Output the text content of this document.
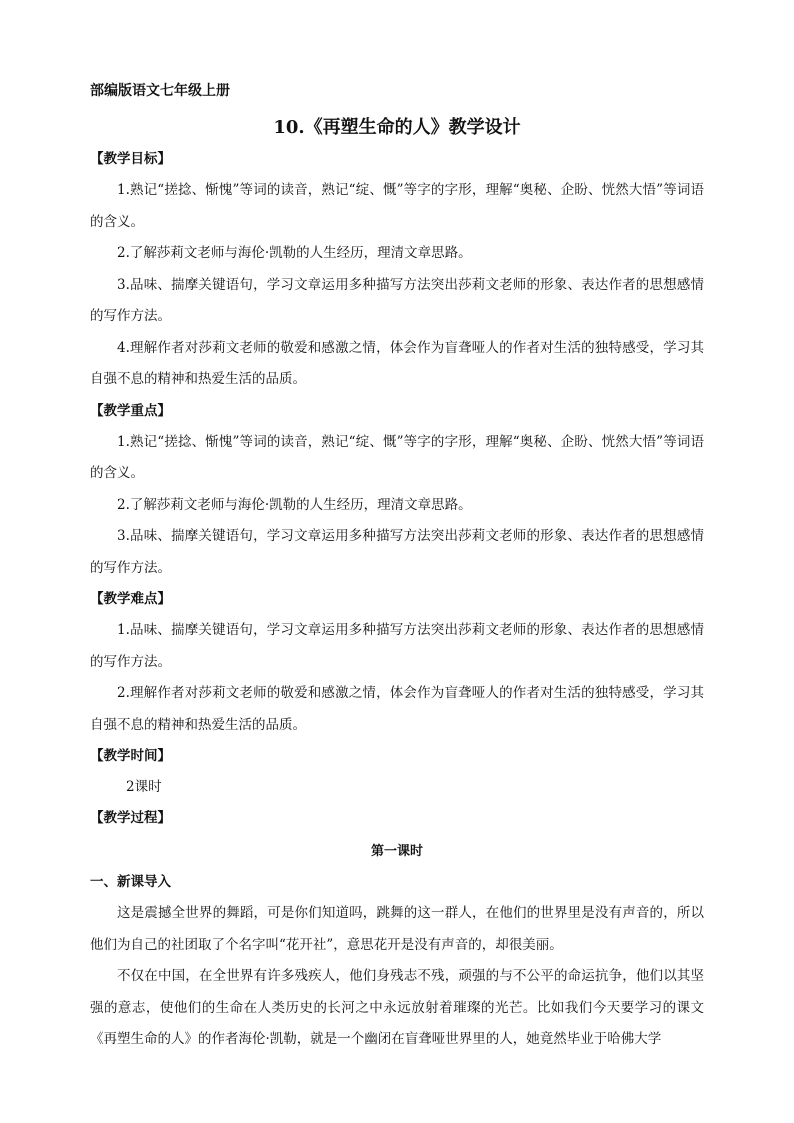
部编版语文七年级上册
10.《再塑生命的人》教学设计
【教学目标】
1.熟记“搓捻、惭愧”等词的读音，熟记“绽、慨”等字的字形，理解“奥秘、企盼、恍然大悟”等词语的含义。
2.了解莎莉文老师与海伦·凯勒的人生经历，理清文章思路。
3.品味、揣摩关键语句，学习文章运用多种描写方法突出莎莉文老师的形象、表达作者的思想感情的写作方法。
4.理解作者对莎莉文老师的敬爱和感激之情，体会作为盲聋哑人的作者对生活的独特感受，学习其自强不息的精神和热爱生活的品质。
【教学重点】
1.熟记“搓捻、惭愧”等词的读音，熟记“绽、慨”等字的字形，理解“奥秘、企盼、恍然大悟”等词语的含义。
2.了解莎莉文老师与海伦·凯勒的人生经历，理清文章思路。
3.品味、揣摩关键语句，学习文章运用多种描写方法突出莎莉文老师的形象、表达作者的思想感情的写作方法。
【教学难点】
1.品味、揣摩关键语句，学习文章运用多种描写方法突出莎莉文老师的形象、表达作者的思想感情的写作方法。
2.理解作者对莎莉文老师的敬爱和感激之情，体会作为盲聋哑人的作者对生活的独特感受，学习其自强不息的精神和热爱生活的品质。
【教学时间】
2课时
【教学过程】
第一课时
一、新课导入
这是震撼全世界的舞蹈，可是你们知道吗，跳舞的这一群人，在他们的世界里是没有声音的，所以他们为自己的社团取了个名字叫“花开社”，意思花开是没有声音的，却很美丽。
不仅在中国，在全世界有许多残疾人，他们身残志不残，顽强的与不公平的命运抗争，他们以其坚强的意志，使他们的生命在人类历史的长河之中永远放射着璀璨的光芒。比如我们今天要学习的课文《再塑生命的人》的作者海伦·凯勒，就是一个幽闭在盲聋哑世界里的人，她竟然毕业于哈佛大学
